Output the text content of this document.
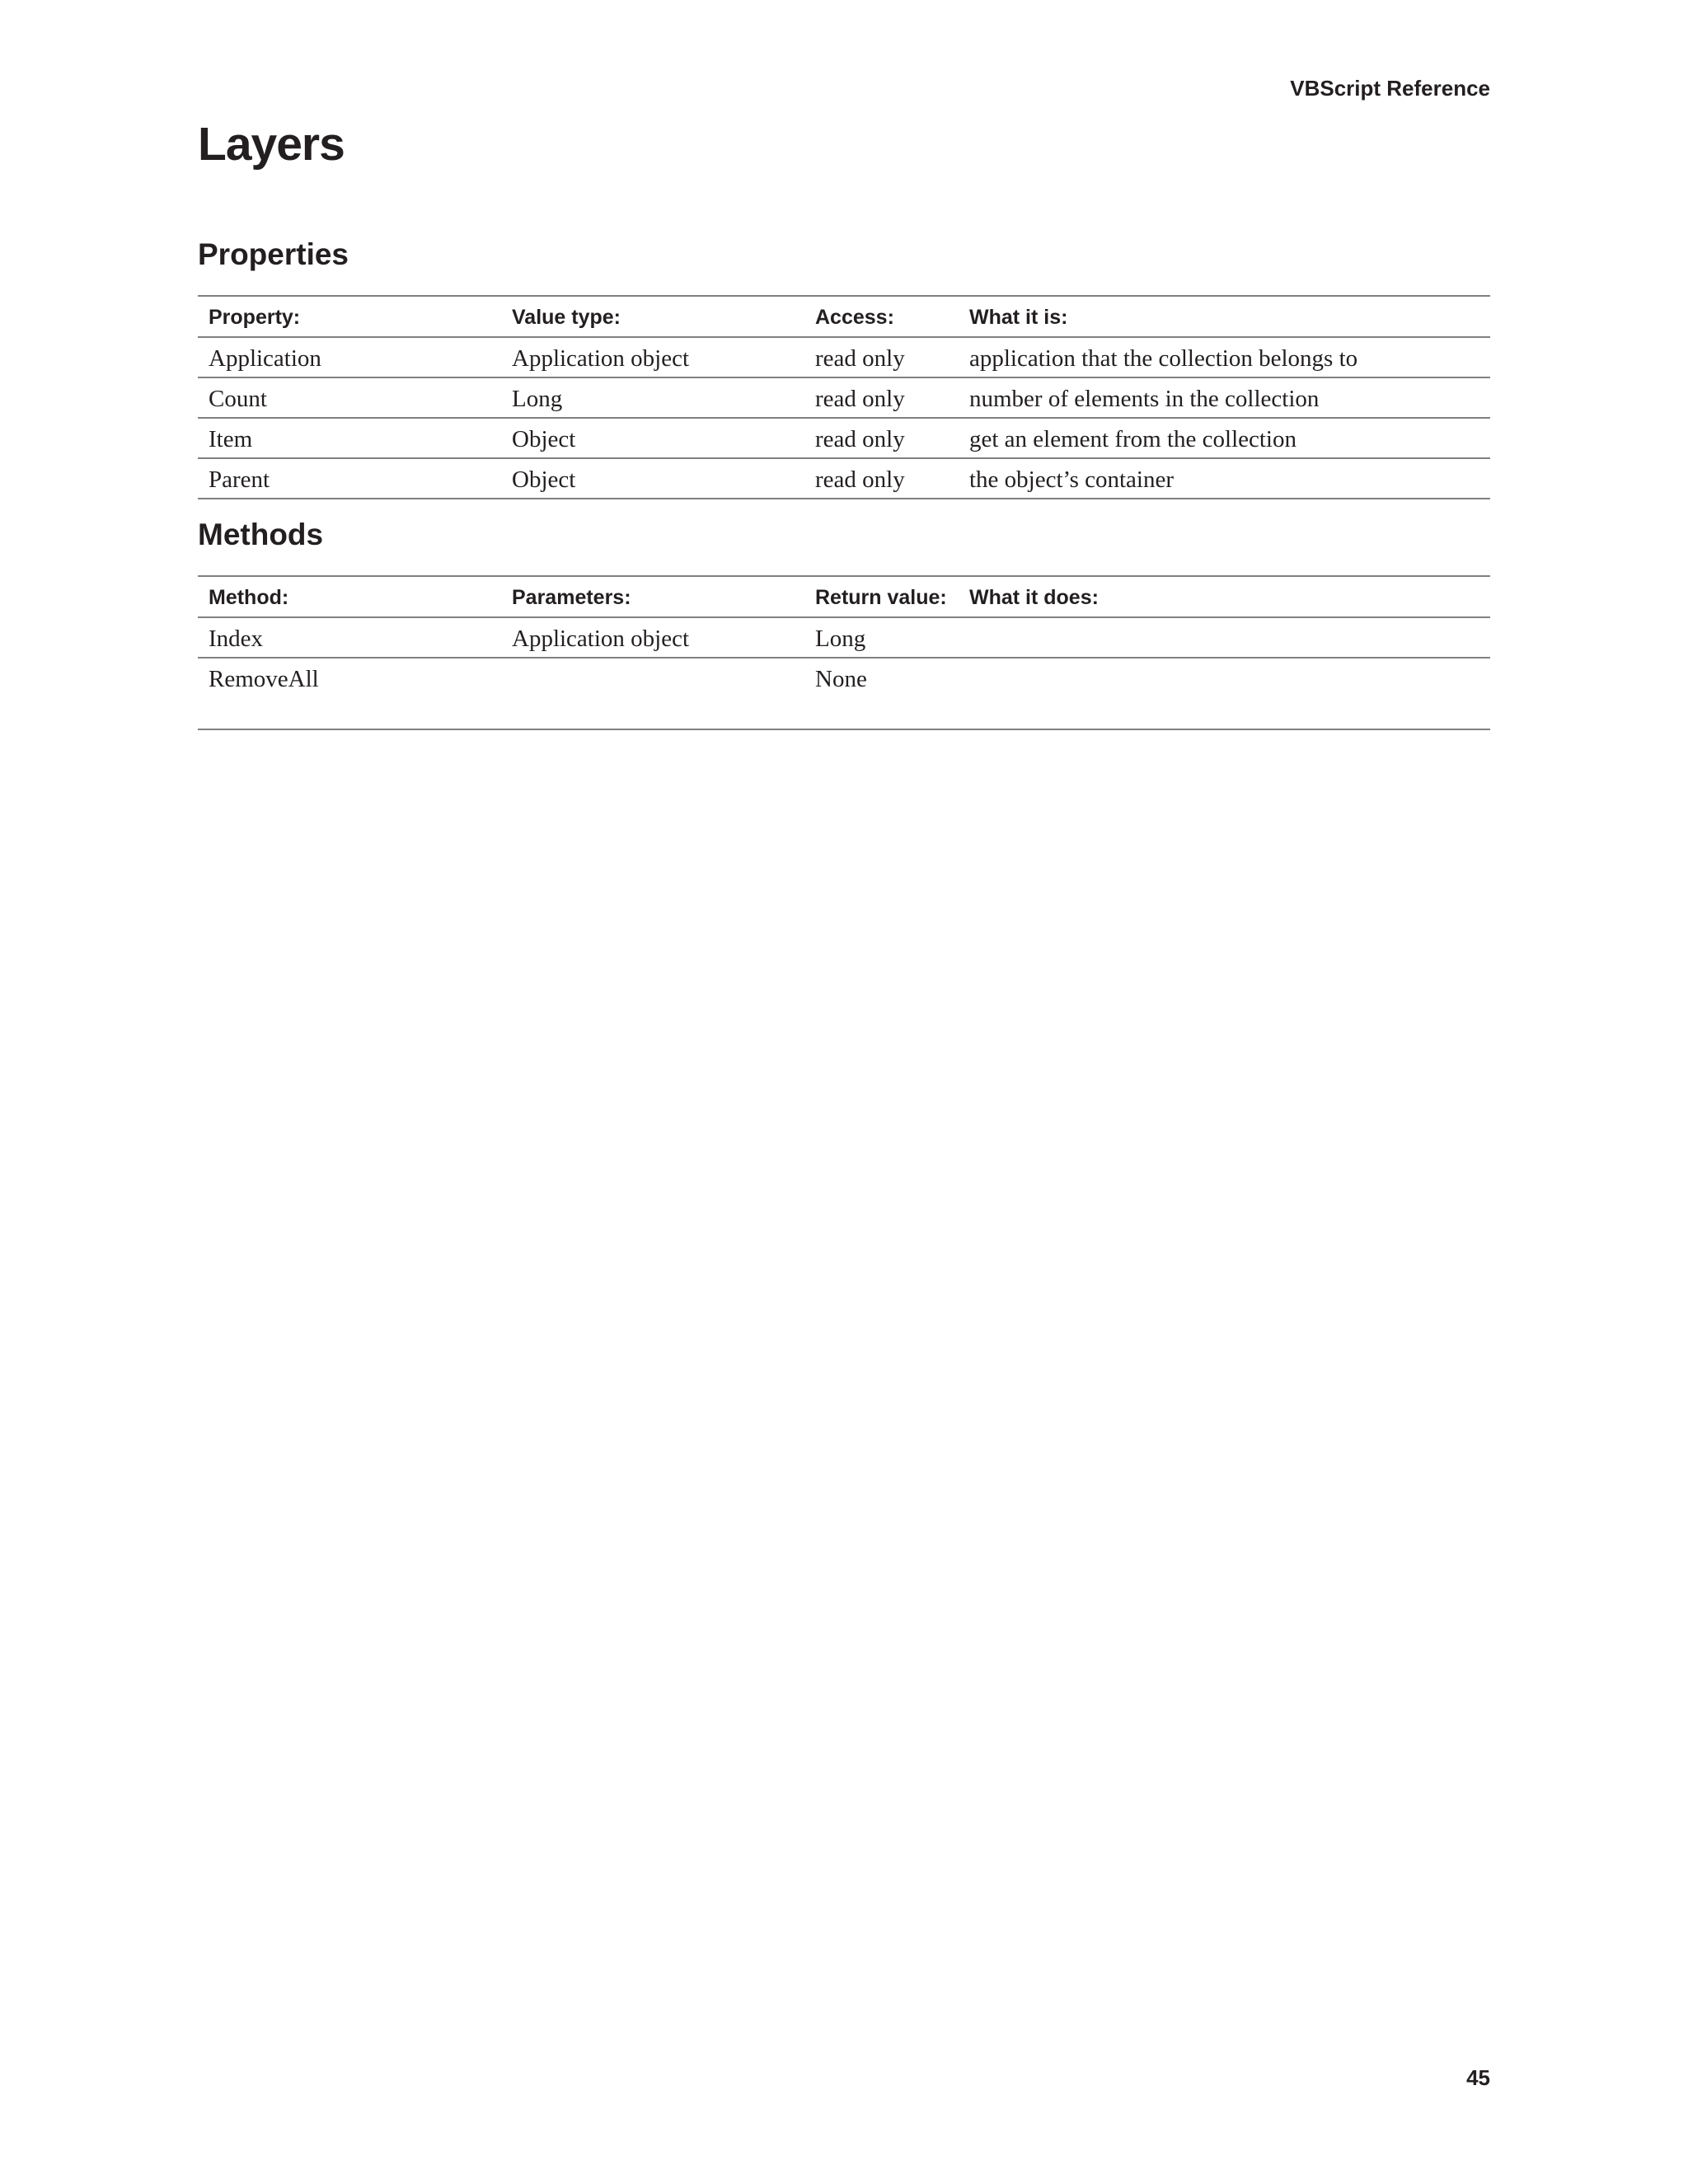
VBScript Reference
Layers
Properties
Property:	Value type:	Access:	What it is:
Application	Application object	read only	application that the collection belongs to
Count	Long	read only	number of elements in the collection
Item	Object	read only	get an element from the collection
Parent	Object	read only	the object’s container
Methods
Method:	Parameters:	Return value:	What it does:
Index	Application object	Long	
RemoveAll		None	
45
